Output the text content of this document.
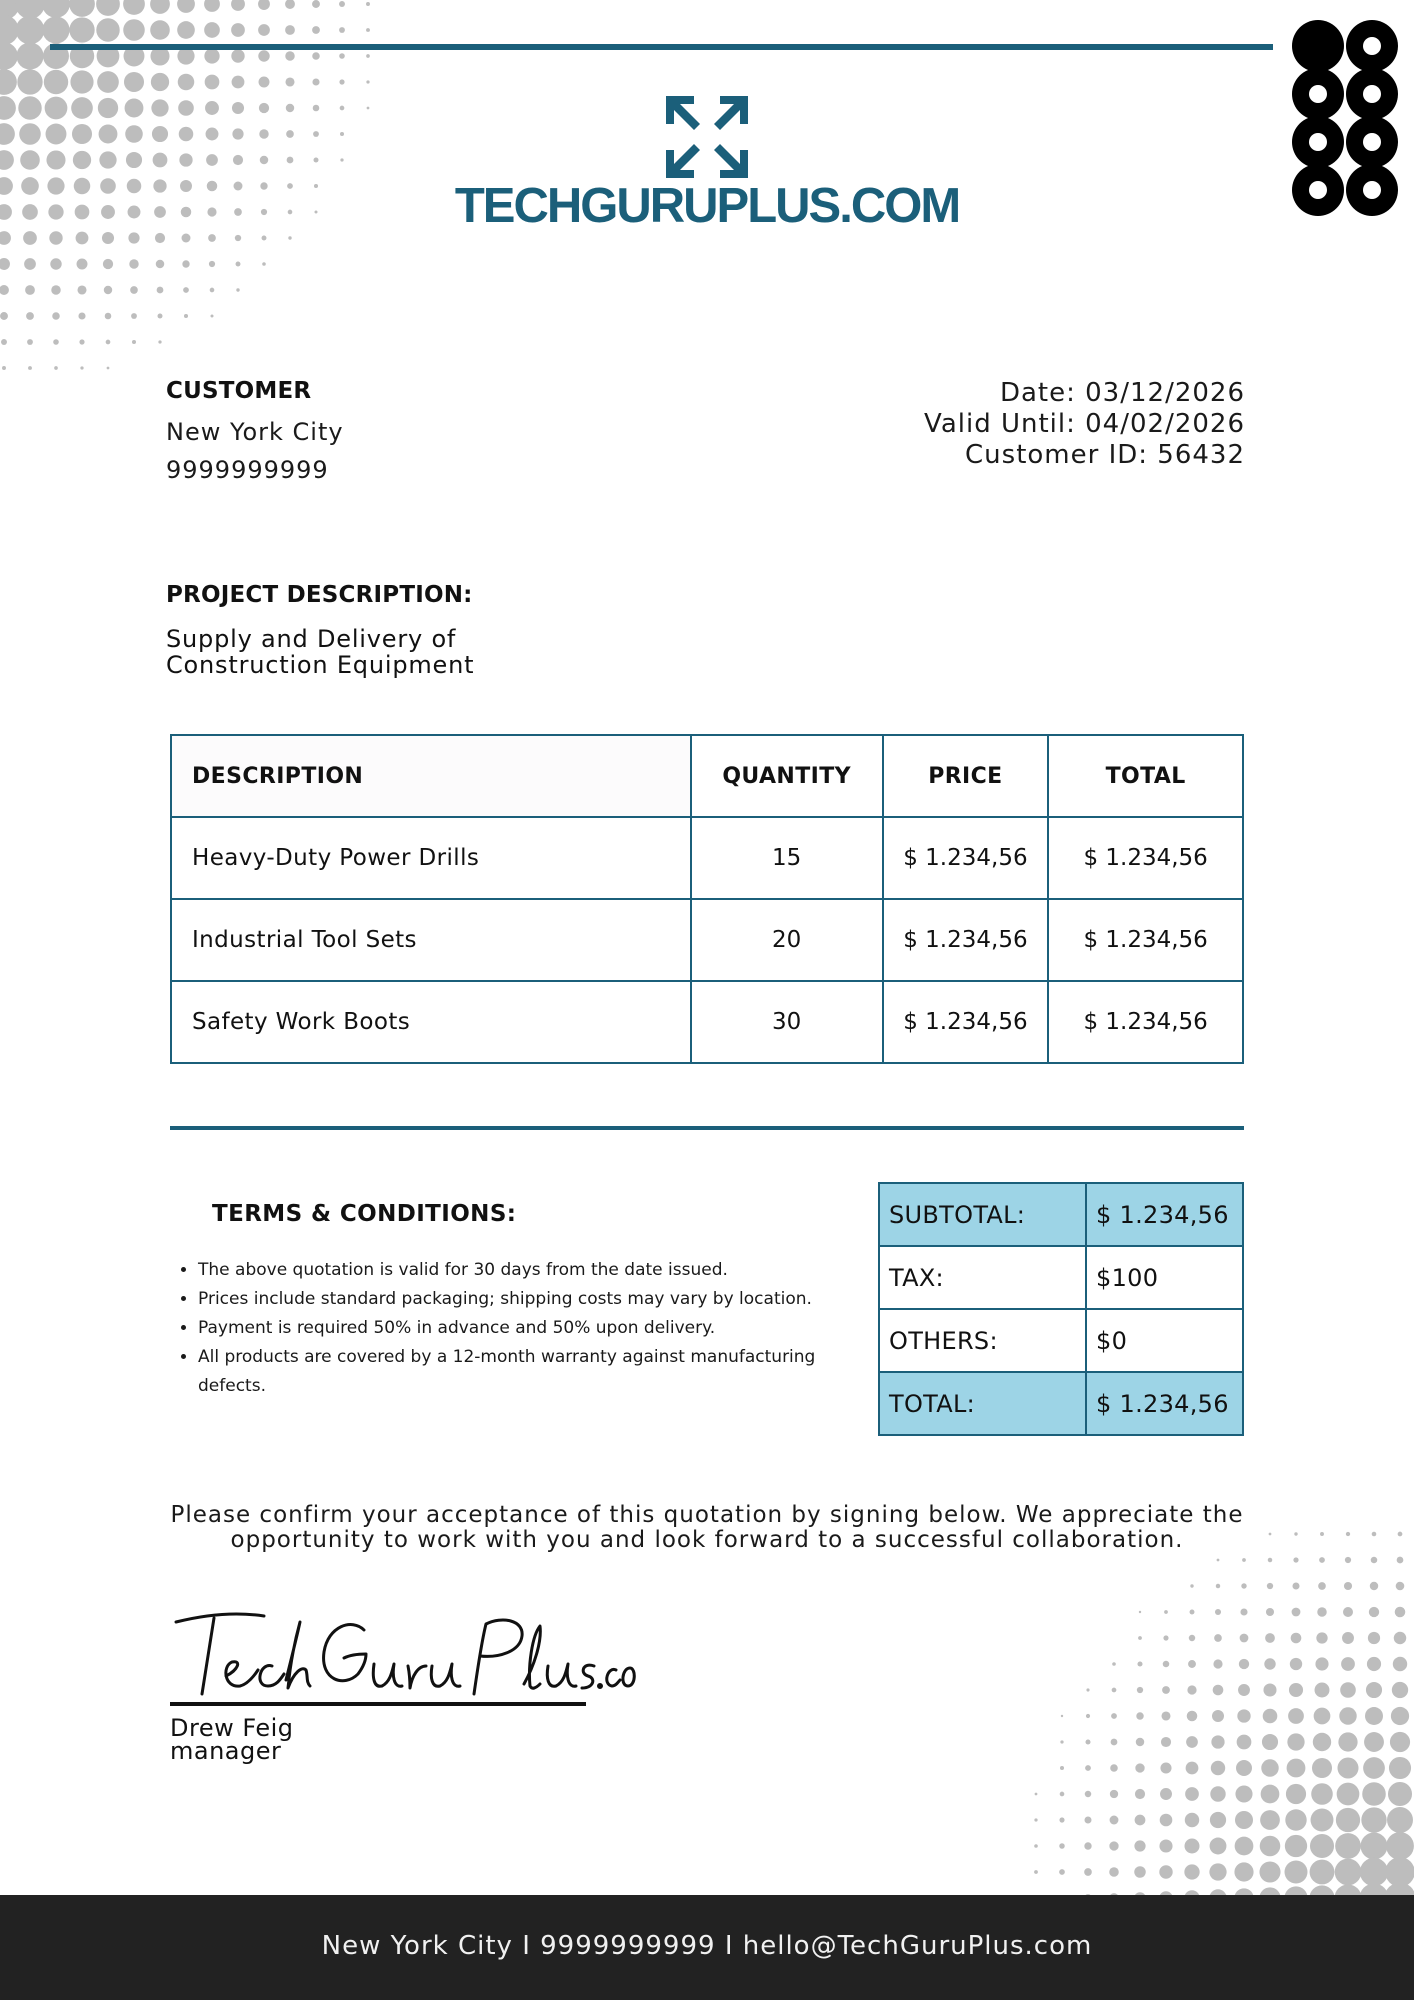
TECHGURUPLUS.COM
CUSTOMER
New York City
9999999999
Date: 03/12/2026
Valid Until: 04/02/2026
Customer ID: 56432
PROJECT DESCRIPTION:
Supply and Delivery of
Construction Equipment
DESCRIPTION	QUANTITY	PRICE	TOTAL
Heavy-Duty Power Drills	15	$ 1.234,56	$ 1.234,56
Industrial Tool Sets	20	$ 1.234,56	$ 1.234,56
Safety Work Boots	30	$ 1.234,56	$ 1.234,56
TERMS & CONDITIONS:
• The above quotation is valid for 30 days from the date issued.
• Prices include standard packaging; shipping costs may vary by location.
• Payment is required 50% in advance and 50% upon delivery.
• All products are covered by a 12-month warranty against manufacturing defects.
SUBTOTAL:	$ 1.234,56
TAX:	$100
OTHERS:	$0
TOTAL:	$ 1.234,56
Please confirm your acceptance of this quotation by signing below. We appreciate the
opportunity to work with you and look forward to a successful collaboration.
Drew Feig
manager
New York City I 9999999999 I hello@TechGuruPlus.com
